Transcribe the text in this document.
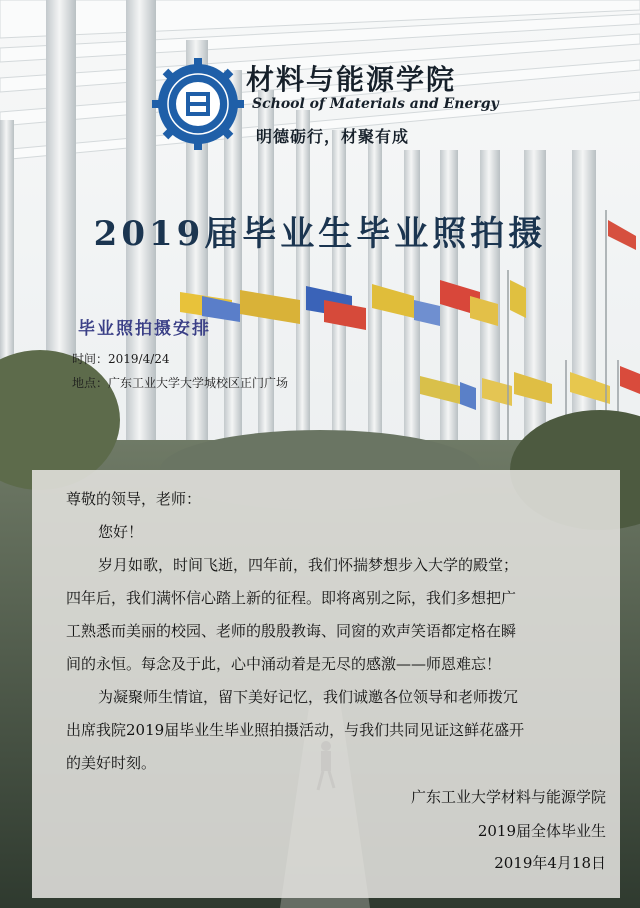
材料与能源学院
School of Materials and Energy
明德砺行，材聚有成
2019届毕业生毕业照拍摄
毕业照拍摄安排
时间：2019/4/24
地点：广东工业大学大学城校区正门广场
尊敬的领导，老师：
您好！
岁月如歌，时间飞逝，四年前，我们怀揣梦想步入大学的殿堂；
四年后，我们满怀信心踏上新的征程。即将离别之际，我们多想把广
工熟悉而美丽的校园、老师的殷殷教诲、同窗的欢声笑语都定格在瞬
间的永恒。每念及于此，心中涌动着是无尽的感激——师恩难忘！
为凝聚师生情谊，留下美好记忆，我们诚邀各位领导和老师拨冗
出席我院2019届毕业生毕业照拍摄活动，与我们共同见证这鲜花盛开
的美好时刻。
广东工业大学材料与能源学院
2019届全体毕业生
2019年4月18日
